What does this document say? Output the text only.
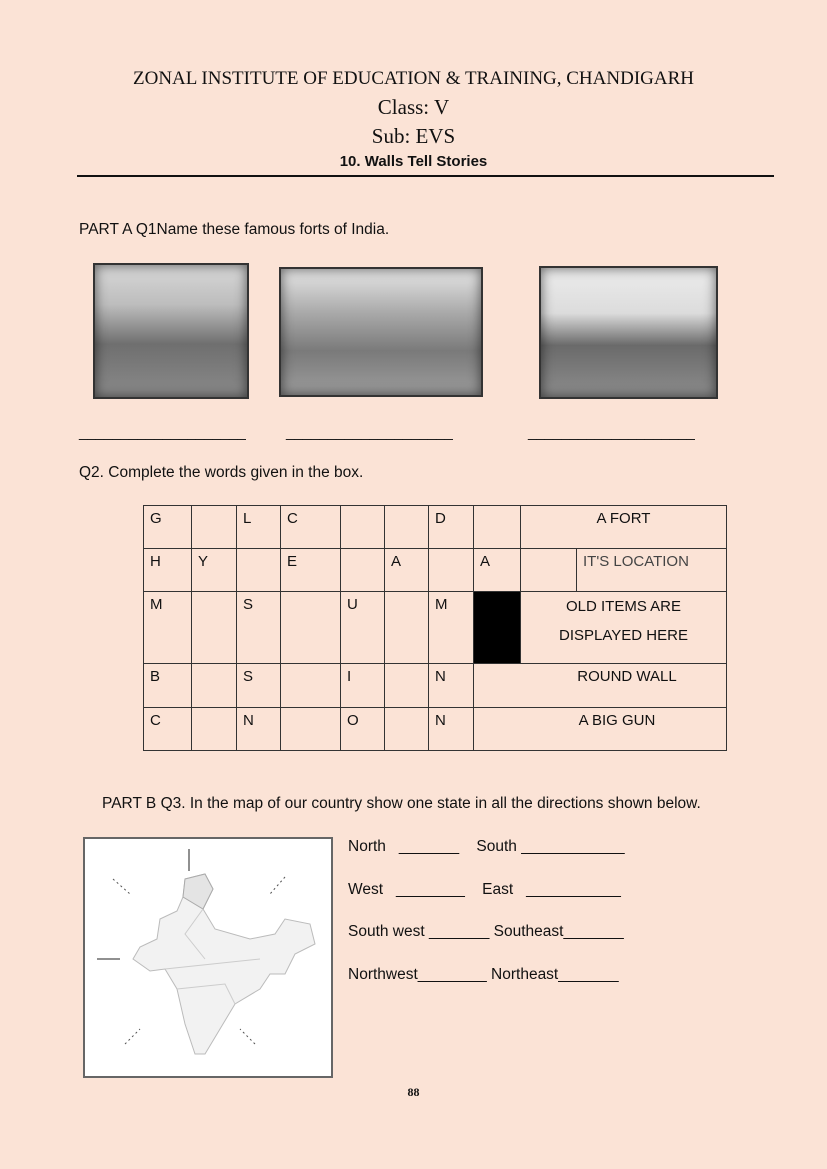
ZONAL INSTITUTE OF EDUCATION & TRAINING, CHANDIGARH
Class: V
Sub: EVS
10. Walls Tell Stories
PART A Q1Name these famous forts of India.
____________________	____________________	____________________
Q2. Complete the words given in the box.
G		L	C			D		A FORT	
H	Y		E		A		A		IT'S LOCATION
M		S		U		M		OLD ITEMS ARE DISPLAYED HERE	
B		S		I		N	ROUND WALL		
C		N		O		N	A BIG GUN		
PART B Q3. In the map of our country show one state in all the directions shown below.
North   _______    South ____________
West   ________    East   ___________
South west _______ Southeast_______
Northwest________ Northeast_______
88
